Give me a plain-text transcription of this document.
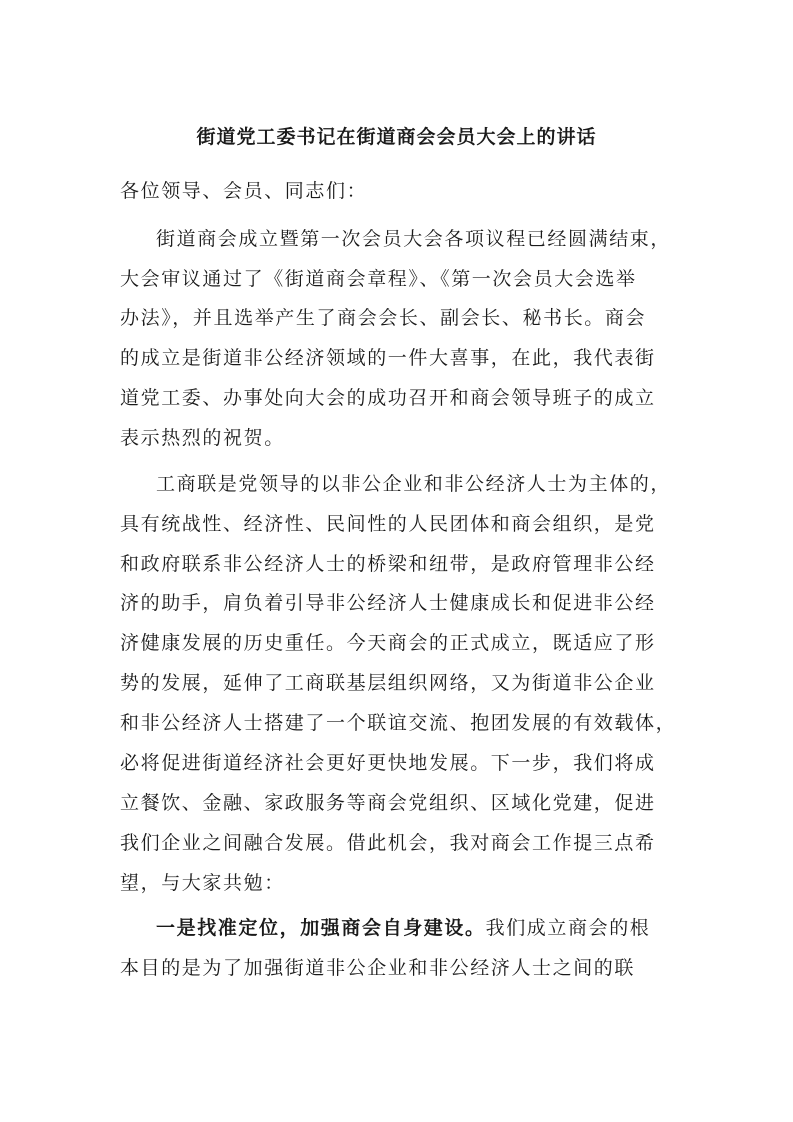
街道党工委书记在街道商会会员大会上的讲话
各位领导、会员、同志们：
街道商会成立暨第一次会员大会各项议程已经圆满结束，
大会审议通过了《街道商会章程》、《第一次会员大会选举
办法》，并且选举产生了商会会长、副会长、秘书长。商会
的成立是街道非公经济领域的一件大喜事，在此，我代表街
道党工委、办事处向大会的成功召开和商会领导班子的成立
表示热烈的祝贺。
工商联是党领导的以非公企业和非公经济人士为主体的，
具有统战性、经济性、民间性的人民团体和商会组织，是党
和政府联系非公经济人士的桥梁和纽带，是政府管理非公经
济的助手，肩负着引导非公经济人士健康成长和促进非公经
济健康发展的历史重任。今天商会的正式成立，既适应了形
势的发展，延伸了工商联基层组织网络，又为街道非公企业
和非公经济人士搭建了一个联谊交流、抱团发展的有效载体，
必将促进街道经济社会更好更快地发展。下一步，我们将成
立餐饮、金融、家政服务等商会党组织、区域化党建，促进
我们企业之间融合发展。借此机会，我对商会工作提三点希
望，与大家共勉：
一是找准定位，加强商会自身建设。我们成立商会的根
本目的是为了加强街道非公企业和非公经济人士之间的联
